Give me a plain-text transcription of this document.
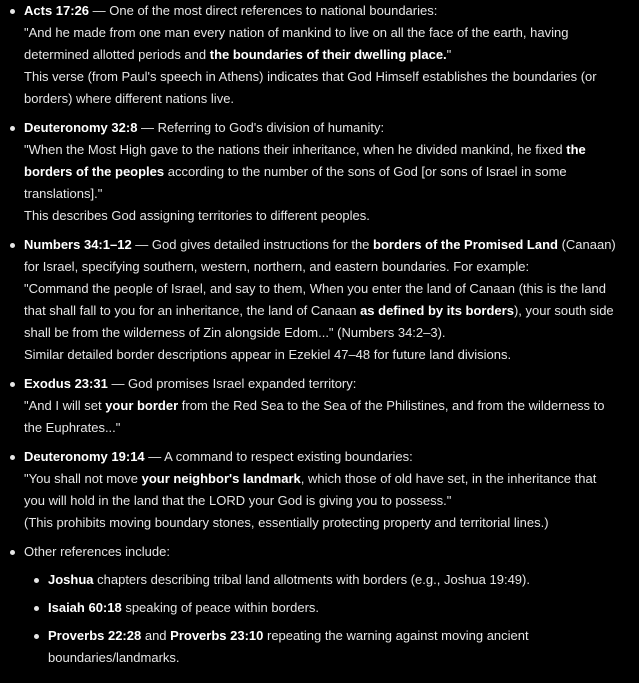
Acts 17:26 — One of the most direct references to national boundaries:
"And he made from one man every nation of mankind to live on all the face of the earth, having
determined allotted periods and the boundaries of their dwelling place."
This verse (from Paul's speech in Athens) indicates that God Himself establishes the boundaries (or
borders) where different nations live.
Deuteronomy 32:8 — Referring to God's division of humanity:
"When the Most High gave to the nations their inheritance, when he divided mankind, he fixed the
borders of the peoples according to the number of the sons of God [or sons of Israel in some
translations]."
This describes God assigning territories to different peoples.
Numbers 34:1–12 — God gives detailed instructions for the borders of the Promised Land (Canaan)
for Israel, specifying southern, western, northern, and eastern boundaries. For example:
"Command the people of Israel, and say to them, When you enter the land of Canaan (this is the land
that shall fall to you for an inheritance, the land of Canaan as defined by its borders), your south side
shall be from the wilderness of Zin alongside Edom..." (Numbers 34:2–3).
Similar detailed border descriptions appear in Ezekiel 47–48 for future land divisions.
Exodus 23:31 — God promises Israel expanded territory:
"And I will set your border from the Red Sea to the Sea of the Philistines, and from the wilderness to
the Euphrates..."
Deuteronomy 19:14 — A command to respect existing boundaries:
"You shall not move your neighbor's landmark, which those of old have set, in the inheritance that
you will hold in the land that the LORD your God is giving you to possess."
(This prohibits moving boundary stones, essentially protecting property and territorial lines.)
Other references include:
Joshua chapters describing tribal land allotments with borders (e.g., Joshua 19:49).
Isaiah 60:18 speaking of peace within borders.
Proverbs 22:28 and Proverbs 23:10 repeating the warning against moving ancient
boundaries/landmarks.
